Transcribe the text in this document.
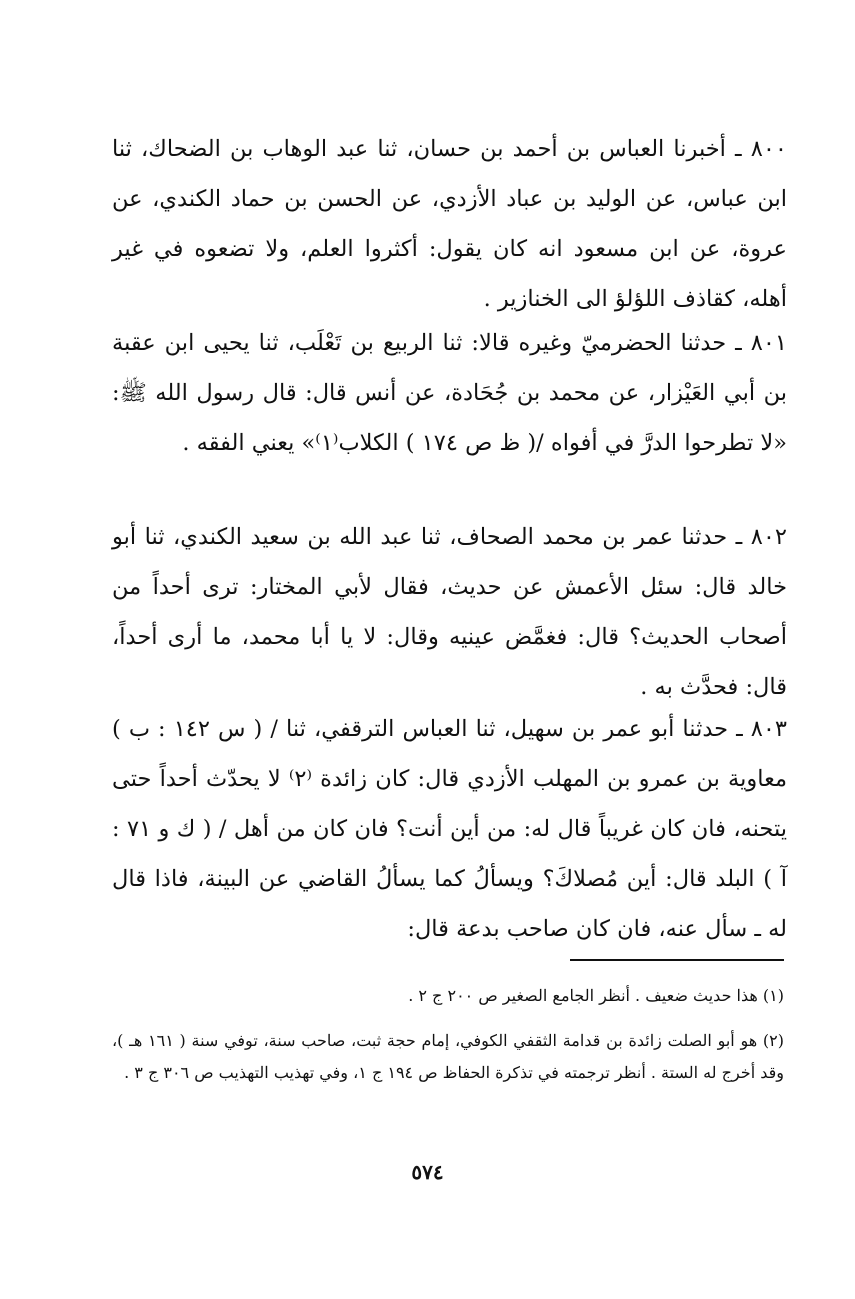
٨٠٠ ـ أخبرنا العباس بن أحمد بن حسان، ثنا عبد الوهاب بن الضحاك، ثنا ابن عباس، عن الوليد بن عباد الأزدي، عن الحسن بن حماد الكندي، عن عروة، عن ابن مسعود انه كان يقول: أكثروا العلم، ولا تضعوه في غير أهله، كقاذف اللؤلؤ الى الخنازير .

٨٠١ ـ حدثنا الحضرميّ وغيره قالا: ثنا الربيع بن تَعْلَب، ثنا يحيى ابن عقبة بن أبي العَيْزار، عن محمد بن جُحَادة، عن أنس قال: قال رسول الله ﷺ: «لا تطرحوا الدرَّ في أفواه /( ظ ص ١٧٤ ) الكلاب⁽١⁾» يعني الفقه .

٨٠٢ ـ حدثنا عمر بن محمد الصحاف، ثنا عبد الله بن سعيد الكندي، ثنا أبو خالد قال: سئل الأعمش عن حديث، فقال لأبي المختار: ترى أحداً من أصحاب الحديث؟ قال: فغمَّض عينيه وقال: لا يا أبا محمد، ما أرى أحداً، قال: فحدَّث به .

٨٠٣ ـ حدثنا أبو عمر بن سهيل، ثنا العباس الترقفي، ثنا / ( س ١٤٢ : ب ) معاوية بن عمرو بن المهلب الأزدي قال: كان زائدة ⁽٢⁾ لا يحدّث أحداً حتى يتحنه، فان كان غريباً قال له: من أين أنت؟ فان كان من أهل / ( ك و ٧١ : آ ) البلد قال: أين مُصلاكَ؟ ويسألُ كما يسألُ القاضي عن البينة، فاذا قال له ـ سأل عنه، فان كان صاحب بدعة قال:

(١) هذا حديث ضعيف . أنظر الجامع الصغير ص ٢٠٠ ج ٢ .

(٢) هو أبو الصلت زائدة بن قدامة الثقفي الكوفي، إمام حجة ثبت، صاحب سنة، توفي سنة ( ١٦١ هـ )، وقد أخرج له الستة . أنظر ترجمته في تذكرة الحفاظ ص ١٩٤ ج ١، وفي تهذيب التهذيب ص ٣٠٦ ج ٣ .

٥٧٤
